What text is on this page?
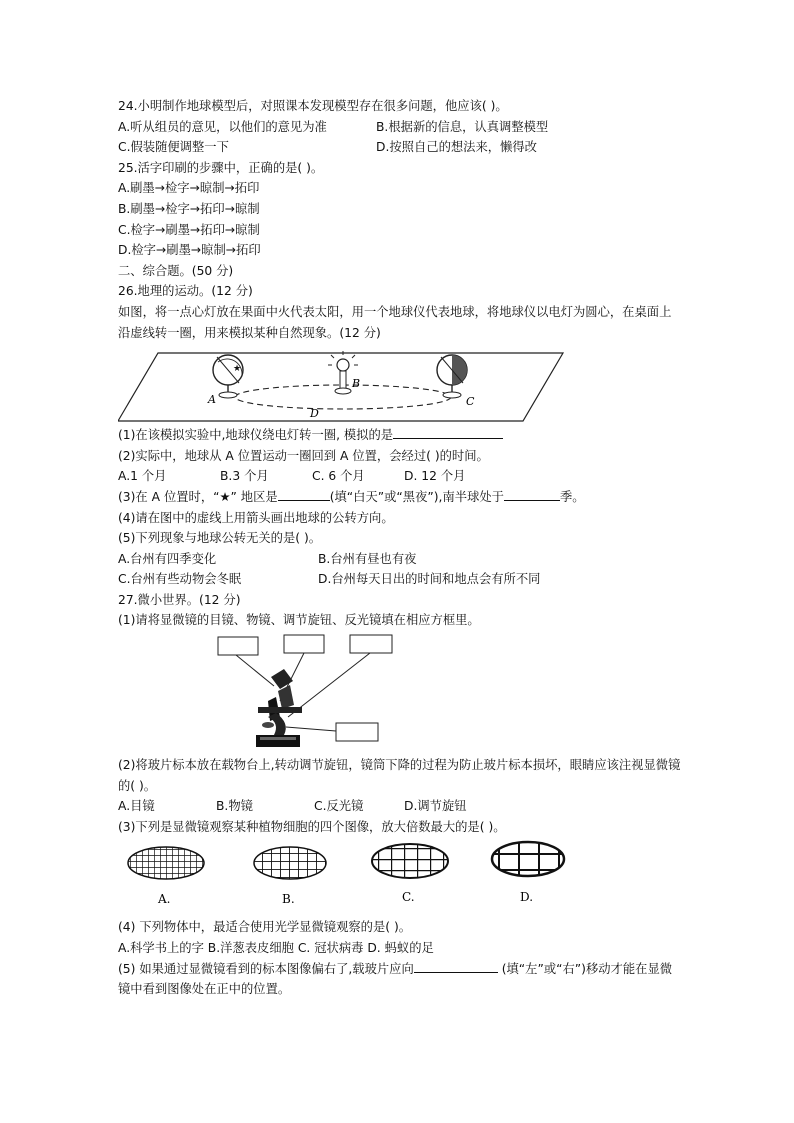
24.小明制作地球模型后，对照课本发现模型存在很多问题，他应该( )。
A.听从组员的意见，以他们的意见为准	B.根据新的信息，认真调整模型
C.假装随便调整一下	D.按照自己的想法来，懒得改
25.活字印刷的步骤中，正确的是( )。
A.刷墨→检字→晾制→拓印
B.刷墨→检字→拓印→晾制
C.检字→刷墨→拓印→晾制
D.检字→刷墨→晾制→拓印
二、综合题。(50 分)
26.地理的运动。(12 分)
如图，将一点心灯放在果面中火代表太阳，用一个地球仪代表地球，将地球仪以电灯为圆心，在桌面上沿虚线转一圈，用来模拟某种自然现象。(12 分)
★
A
B
C
D
(1)在该模拟实验中,地球仪绕电灯转一圈, 模拟的是
(2)实际中，地球从 A 位置运动一圈回到 A 位置，会经过( )的时间。
A.1 个月	B.3 个月	C. 6 个月	D. 12 个月
(3)在 A 位置时，“★” 地区是	(填“白天”或“黑夜”),南半球处于	季。
(4)请在图中的虚线上用箭头画出地球的公转方向。
(5)下列现象与地球公转无关的是( )。
A.台州有四季变化	B.台州有昼也有夜
C.台州有些动物会冬眠	D.台州每天日出的时间和地点会有所不同
27.微小世界。(12 分)
(1)请将显微镜的目镜、物镜、调节旋钮、反光镜填在相应方框里。
(2)将玻片标本放在载物台上,转动调节旋钮，镜筒下降的过程为防止玻片标本损坏，眼睛应该注视显微镜的( )。
A.目镜	B.物镜	C.反光镜	D.调节旋钮
(3)下列是显微镜观察某种植物细胞的四个图像，放大倍数最大的是( )。
A.	B.	C.	D.
(4) 下列物体中，最适合使用光学显微镜观察的是( )。
A.科学书上的字 B.洋葱表皮细胞 C. 冠状病毒 D. 蚂蚁的足
(5) 如果通过显微镜看到的标本图像偏右了,载玻片应向	(填“左”或“右”)移动才能在显微镜中看到图像处在正中的位置。
